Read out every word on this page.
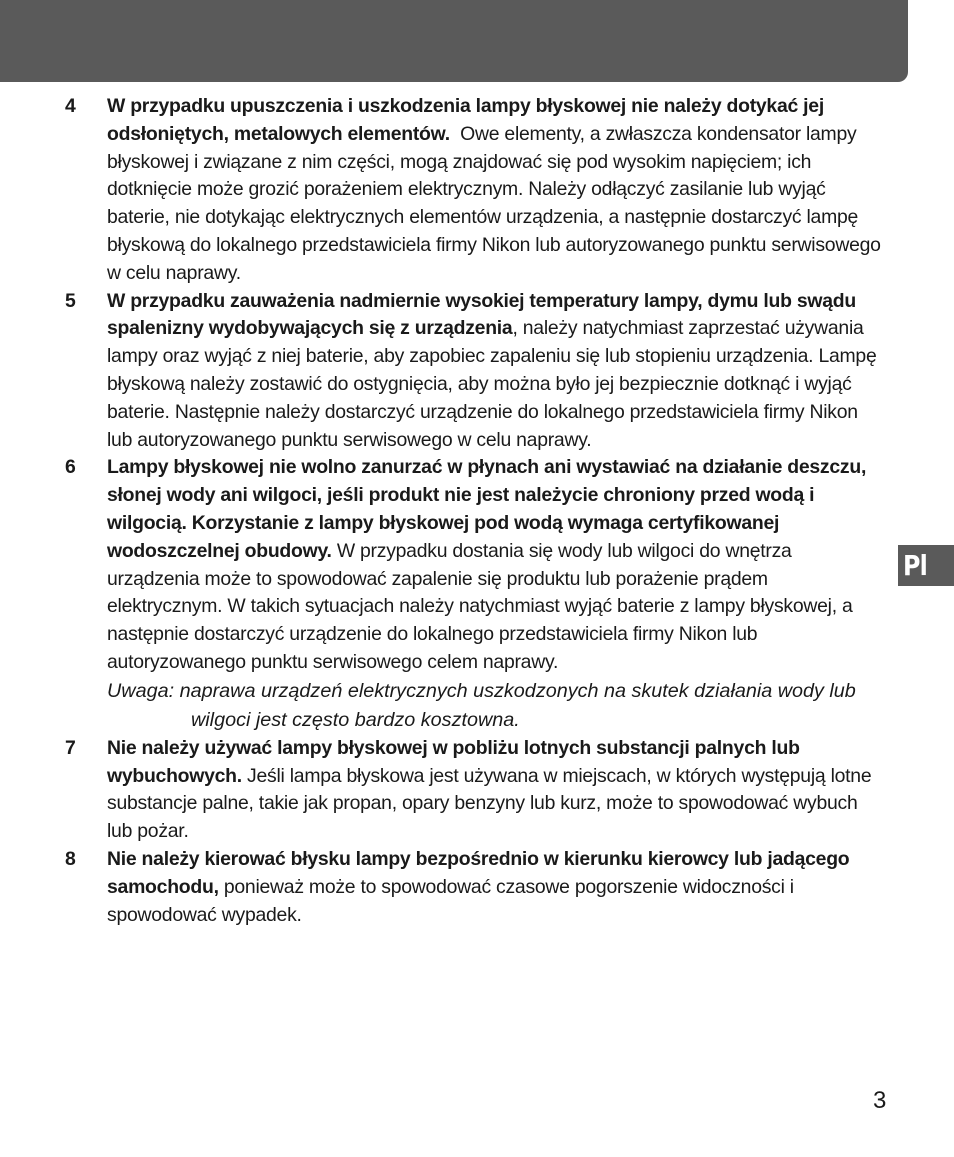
Pl
4 W przypadku upuszczenia i uszkodzenia lampy błyskowej nie należy dotykać jej odsłoniętych, metalowych elementów.  Owe elementy, a zwłaszcza kondensator lampy błyskowej i związane z nim części, mogą znajdować się pod wysokim napięciem; ich dotknięcie może grozić porażeniem elektrycznym. Należy odłączyć zasilanie lub wyjąć baterie, nie dotykając elektrycznych elementów urządzenia, a następnie dostarczyć lampę błyskową do lokalnego przedstawiciela firmy Nikon lub autoryzowanego punktu serwisowego w celu naprawy.

5 W przypadku zauważenia nadmiernie wysokiej temperatury lampy, dymu lub swądu spalenizny wydobywających się z urządzenia, należy natychmiast zaprzestać używania lampy oraz wyjąć z niej baterie, aby zapobiec zapaleniu się lub stopieniu urządzenia. Lampę błyskową należy zostawić do ostygnięcia, aby można było jej bezpiecznie dotknąć i wyjąć baterie. Następnie należy dostarczyć urządzenie do lokalnego przedstawiciela firmy Nikon lub autoryzowanego punktu serwisowego w celu naprawy.

6 Lampy błyskowej nie wolno zanurzać w płynach ani wystawiać na działanie deszczu, słonej wody ani wilgoci, jeśli produkt nie jest należycie chroniony przed wodą i wilgocią. Korzystanie z lampy błyskowej pod wodą wymaga certyfikowanej wodoszczelnej obudowy. W przypadku dostania się wody lub wilgoci do wnętrza urządzenia może to spowodować zapalenie się produktu lub porażenie prądem elektrycznym. W takich sytuacjach należy natychmiast wyjąć baterie z lampy błyskowej, a następnie dostarczyć urządzenie do lokalnego przedstawiciela firmy Nikon lub autoryzowanego punktu serwisowego celem naprawy.

Uwaga: naprawa urządzeń elektrycznych uszkodzonych na skutek działania wody lub wilgoci jest często bardzo kosztowna.

7 Nie należy używać lampy błyskowej w pobliżu lotnych substancji palnych lub wybuchowych. Jeśli lampa błyskowa jest używana w miejscach, w których występują lotne substancje palne, takie jak propan, opary benzyny lub kurz, może to spowodować wybuch lub pożar.

8 Nie należy kierować błysku lampy bezpośrednio w kierunku kierowcy lub jadącego samochodu, ponieważ może to spowodować czasowe pogorszenie widoczności i spowodować wypadek.

3
